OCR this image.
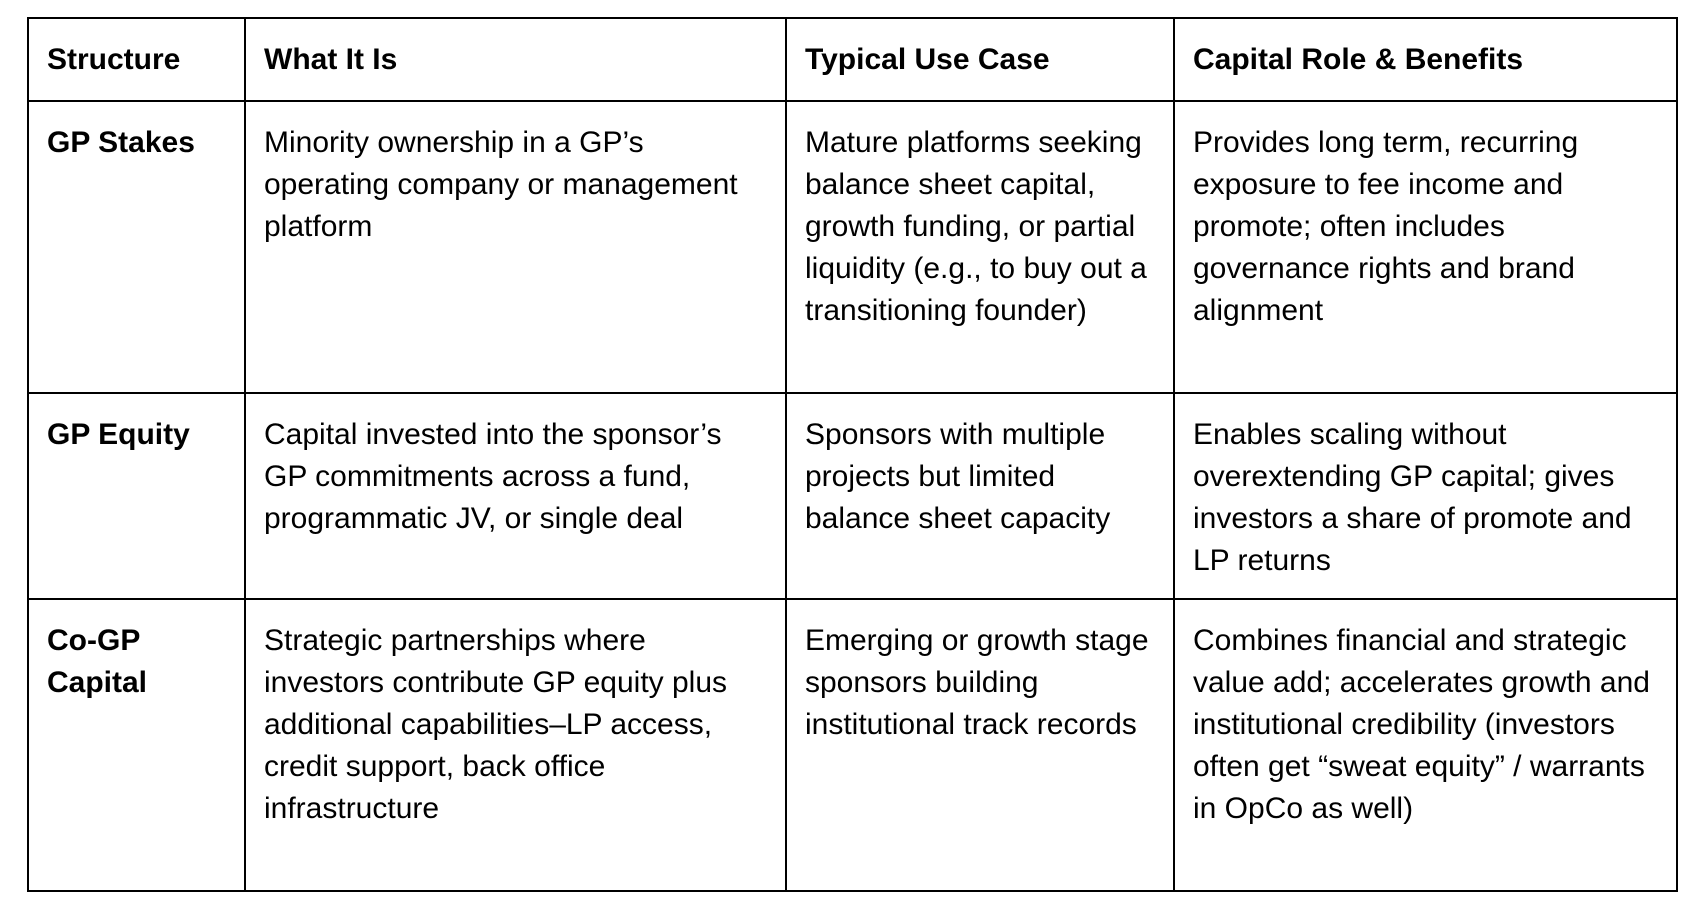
Structure	What It Is	Typical Use Case	Capital Role & Benefits
GP Stakes	Minority ownership in a GP’s operating company or management platform	Mature platforms seeking balance sheet capital, growth funding, or partial liquidity (e.g., to buy out a transitioning founder)	Provides long term, recurring exposure to fee income and promote; often includes governance rights and brand alignment
GP Equity	Capital invested into the sponsor’s GP commitments across a fund, programmatic JV, or single deal	Sponsors with multiple projects but limited balance sheet capacity	Enables scaling without overextending GP capital; gives investors a share of promote and LP returns
Co-GP Capital	Strategic partnerships where investors contribute GP equity plus additional capabilities–LP access, credit support, back office infrastructure	Emerging or growth stage sponsors building institutional track records	Combines financial and strategic value add; accelerates growth and institutional credibility (investors often get “sweat equity” / warrants in OpCo as well)
